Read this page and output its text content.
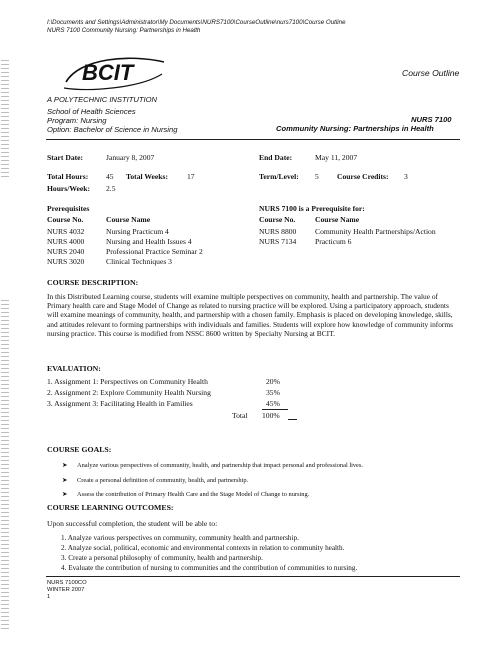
I:\Documents and Settings\Administrator\My Documents\NURS7100\CourseOutline\nurs7100\Course Outline
NURS 7100 Community Nursing: Partnerships in Health
BCIT	Course Outline
A POLYTECHNIC INSTITUTION
School of Health Sciences
Program: Nursing
Option: Bachelor of Science in Nursing
NURS 7100
Community Nursing: Partnerships in Health
Start Date:	January 8, 2007	End Date:	May 11, 2007
Total Hours: 45 Total Weeks:	17	Term/Level: 5 Course Credits: 3
Hours/Week: 2.5
Prerequisites
Course No.	Course Name
NURS 4032	Nursing Practicum 4
NURS 4000	Nursing and Health Issues 4
NURS 2040	Professional Practice Seminar 2
NURS 3020	Clinical Techniques 3
NURS 7100 is a Prerequisite for:
Course No.	Course Name
NURS 8800 Community Health Partnerships/Action
NURS 7134 Practicum 6
COURSE DESCRIPTION:
In this Distributed Learning course, students will examine multiple perspectives on community, health and partnership. The value of Primary health care and Stage Model of Change as related to nursing practice will be explored. Using a participatory approach, students will examine meanings of community, health, and partnership with a chosen family. Emphasis is placed on developing knowledge, skills, and attitudes relevant to forming partnerships with individuals and families. Students will explore how knowledge of community informs nursing practice. This course is modified from NSSC 8600 written by Specialty Nursing at BCIT.
EVALUATION:
1. Assignment 1: Perspectives on Community Health	20%
2. Assignment 2: Explore Community Health Nursing	35%
3. Assignment 3: Facilitating Health in Families	45%
Total 100%
COURSE GOALS:
➤ Analyze various perspectives of community, health, and partnership that impact personal and professional lives.
➤ Create a personal definition of community, health, and partnership.
➤ Assess the contribution of Primary Health Care and the Stage Model of Change to nursing.
COURSE LEARNING OUTCOMES:
Upon successful completion, the student will be able to:
1. Analyze various perspectives on community, community health and partnership.
2. Analyze social, political, economic and environmental contexts in relation to community health.
3. Create a personal philosophy of community, health and partnership.
4. Evaluate the contribution of nursing to communities and the contribution of communities to nursing.
NURS 7100CO
WINTER 2007
1
